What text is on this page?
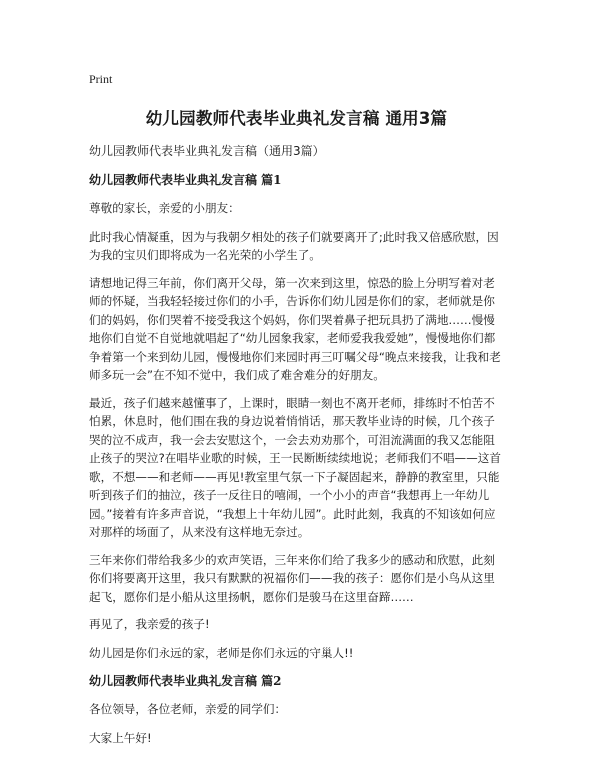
Print
幼儿园教师代表毕业典礼发言稿 通用3篇

幼儿园教师代表毕业典礼发言稿（通用3篇）

幼儿园教师代表毕业典礼发言稿 篇1

尊敬的家长，亲爱的小朋友：

此时我心情凝重，因为与我朝夕相处的孩子们就要离开了;此时我又倍感欣慰，因为我的宝贝们即将成为一名光荣的小学生了。

请想地记得三年前，你们离开父母，第一次来到这里，惊恐的脸上分明写着对老师的怀疑，当我轻轻接过你们的小手，告诉你们幼儿园是你们的家，老师就是你们的妈妈，你们哭着不接受我这个妈妈，你们哭着鼻子把玩具扔了满地……慢慢地你们自觉不自觉地就唱起了“幼儿园象我家，老师爱我我爱她”，慢慢地你们都争着第一个来到幼儿园，慢慢地你们来园时再三叮嘱父母“晚点来接我，让我和老师多玩一会”在不知不觉中，我们成了难舍难分的好朋友。

最近，孩子们越来越懂事了，上课时，眼睛一刻也不离开老师，排练时不怕苦不怕累，休息时，他们围在我的身边说着悄悄话，那天教毕业诗的时候，几个孩子哭的泣不成声，我一会去安慰这个，一会去劝劝那个，可泪流满面的我又怎能阻止孩子的哭泣?在唱毕业歌的时候，王一民断断续续地说；老师我们不唱——这首歌，不想——和老师——再见!教室里气氛一下子凝固起来，静静的教室里，只能听到孩子们的抽泣，孩子一反往日的嘻闹，一个小小的声音“我想再上一年幼儿园。”接着有许多声音说，“我想上十年幼儿园”。此时此刻，我真的不知该如何应对那样的场面了，从来没有这样地无奈过。

三年来你们带给我多少的欢声笑语，三年来你们给了我多少的感动和欣慰，此刻你们将要离开这里，我只有默默的祝福你们——我的孩子：愿你们是小鸟从这里起飞，愿你们是小船从这里扬帆，愿你们是骏马在这里奋蹄……

再见了，我亲爱的孩子!

幼儿园是你们永远的家，老师是你们永远的守巢人!!

幼儿园教师代表毕业典礼发言稿 篇2

各位领导，各位老师，亲爱的同学们：

大家上午好!
